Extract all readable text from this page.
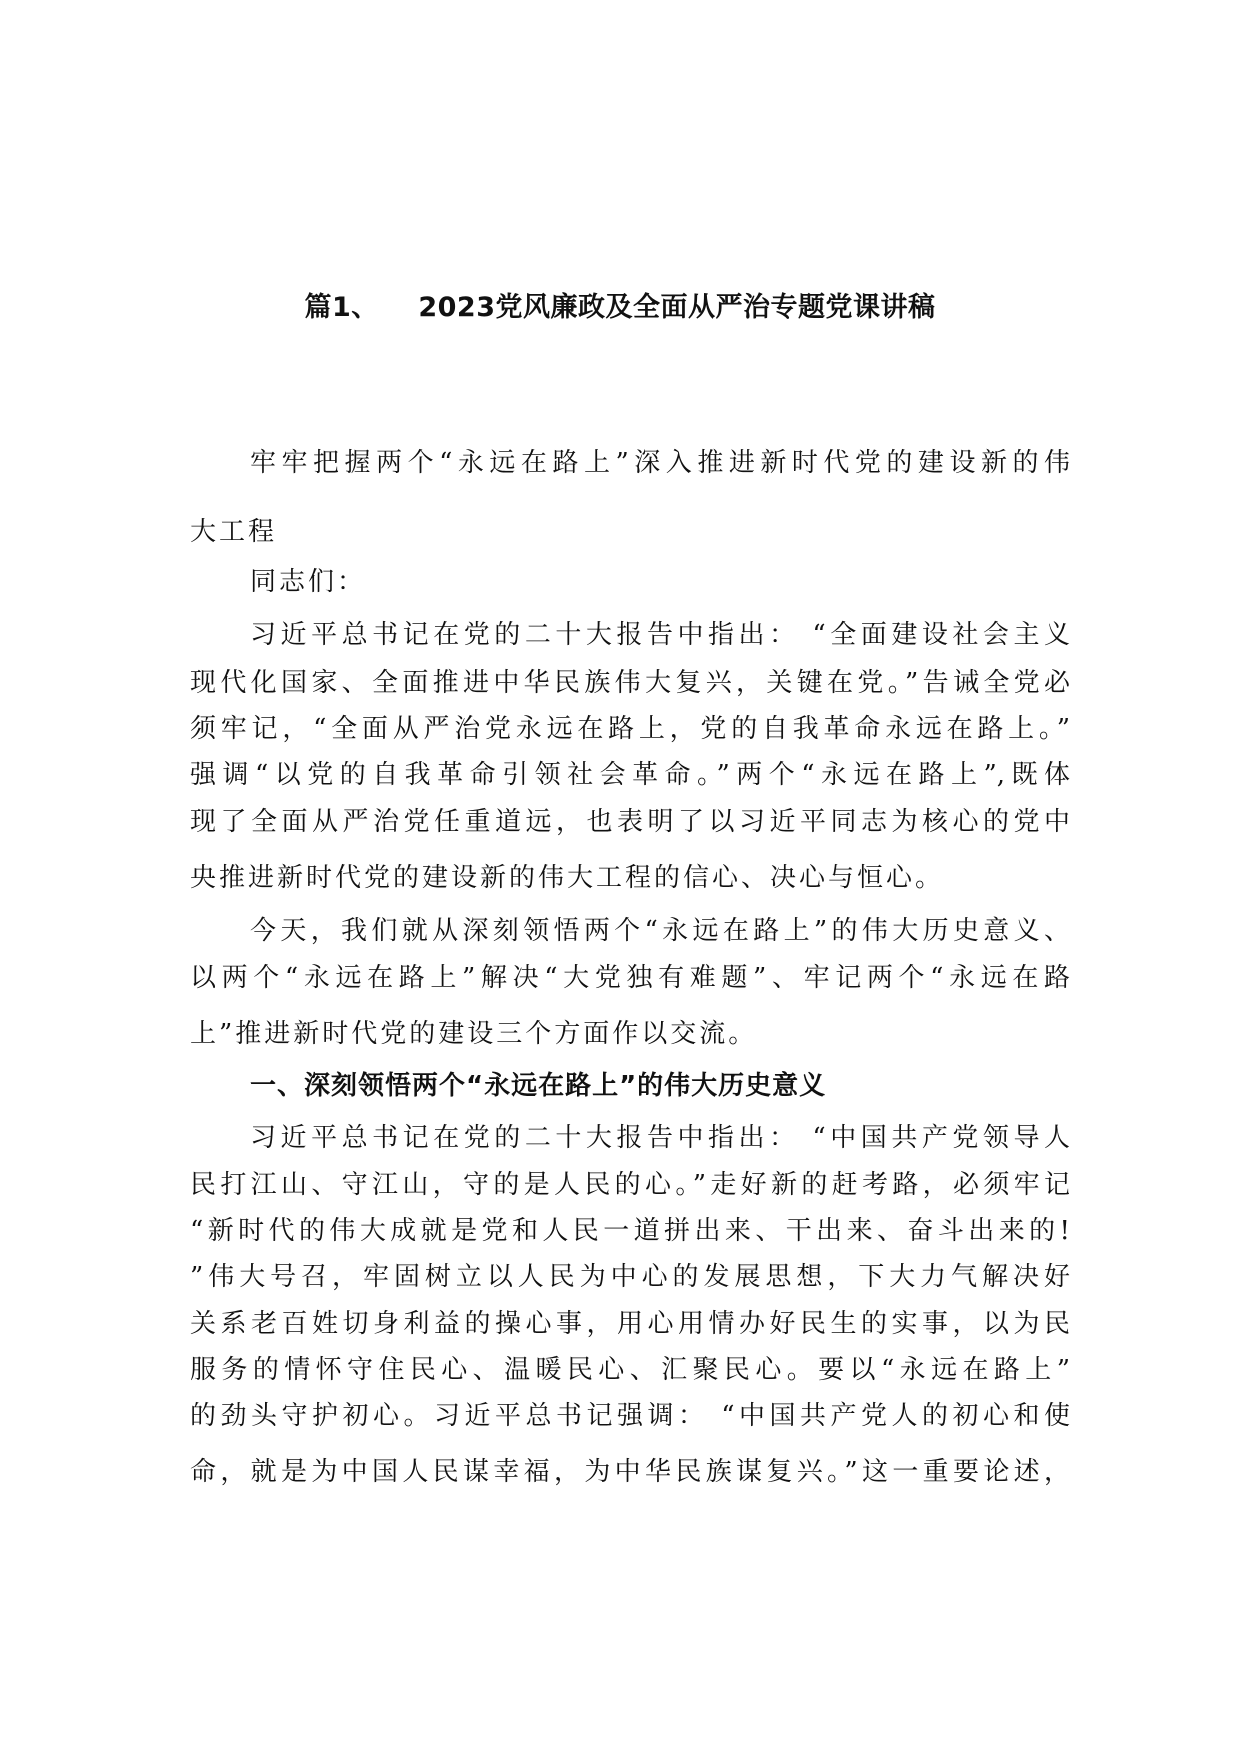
篇1、    2023党风廉政及全面从严治专题党课讲稿
牢牢把握两个“永远在路上”深入推进新时代党的建设新的伟
大工程
同志们：
习近平总书记在党的二十大报告中指出： “全面建设社会主义
现代化国家、全面推进中华民族伟大复兴，关键在党。”告诫全党必
须牢记，“全面从严治党永远在路上，党的自我革命永远在路上。”
强调“以党的自我革命引领社会革命。”两个“永远在路上”,既体
现了全面从严治党任重道远，也表明了以习近平同志为核心的党中
央推进新时代党的建设新的伟大工程的信心、决心与恒心。
今天，我们就从深刻领悟两个“永远在路上”的伟大历史意义、
以两个“永远在路上”解决“大党独有难题”、牢记两个“永远在路
上”推进新时代党的建设三个方面作以交流。
一、深刻领悟两个“永远在路上”的伟大历史意义
习近平总书记在党的二十大报告中指出： “中国共产党领导人
民打江山、守江山，守的是人民的心。”走好新的赶考路，必须牢记
“新时代的伟大成就是党和人民一道拼出来、干出来、奋斗出来的!
”伟大号召，牢固树立以人民为中心的发展思想，下大力气解决好
关系老百姓切身利益的操心事，用心用情办好民生的实事，以为民
服务的情怀守住民心、温暖民心、汇聚民心。要以“永远在路上”
的劲头守护初心。习近平总书记强调： “中国共产党人的初心和使
命，就是为中国人民谋幸福，为中华民族谋复兴。”这一重要论述，
